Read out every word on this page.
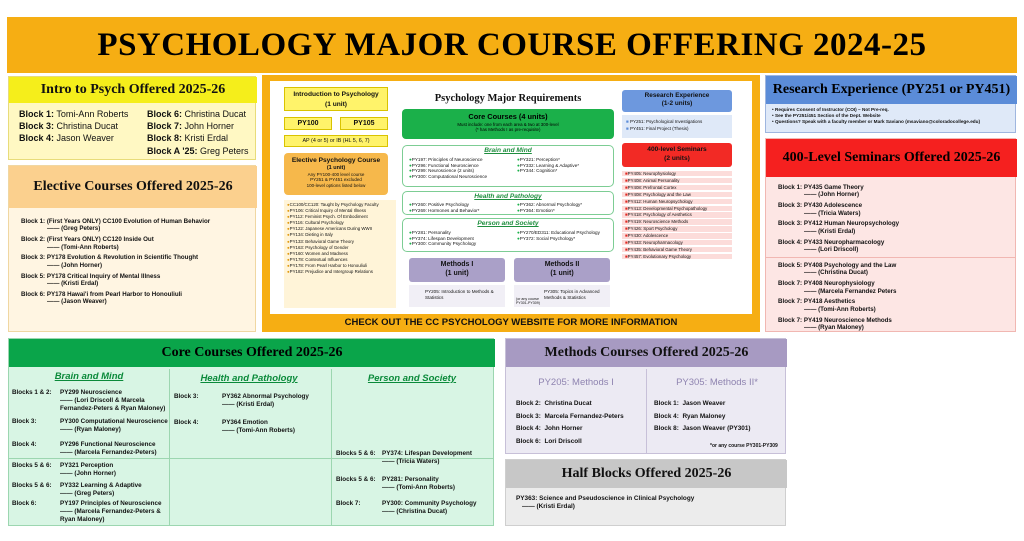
PSYCHOLOGY MAJOR COURSE OFFERING 2024-25
Intro to Psych Offered 2025-26
Block 1: Tomi-Ann Roberts
Block 3: Christina Ducat
Block 4: Jason Weaver
Block 6: Christina Ducat
Block 7: John Horner
Block 8: Kristi Erdal
Block A '25: Greg Peters
Elective Courses Offered 2025-26
Block 1: (First Years ONLY) CC100 Evolution of Human Behavior
—— (Greg Peters)
Block 2: (First Years ONLY) CC120 Inside Out
—— (Tomi-Ann Roberts)
Block 3: PY178 Evolution & Revolution in Scientific Thought
—— (John Horner)
Block 5: PY178 Critical Inquiry of Mental Illness
—— (Kristi Erdal)
Block 6: PY178 Hawai'i from Pearl Harbor to Honouliuli
—— (Jason Weaver)
Introduction to Psychology
(1 unit)
PY100	PY105
AP (4 or 5) or IB (HL 5, 6, 7)
Elective Psychology Course
(1 unit)
Any PY100-400 level course
PY251 & PY451 excluded
100-level options listed below
● CC100/CC120: Taught by Psychology Faculty
● PY106: Critical Inquiry of Mental Illness
● PY112: Feminist Psych. Of Embodiment
● PY116: Cultural Psychology
● PY122: Japanese Americans During WWII
● PY134: Dieting in Italy
● PY133: Behavioral Game Theory
● PY163: Psychology of Gender
● PY160: Women and Madness
● PY178: Contextual Influences
● PY178: From Pearl Harbor to Honouliuli
● PY182: Prejudice and Intergroup Relations
Psychology Major Requirements
Core Courses (4 units)
Must include: one from each area & two at 300-level
(* has Methods I as pre-requisite)
Brain and Mind
● PY197: Principles of Neuroscience
● PY296: Functional Neuroscience
● PY299: Neuroscience (2 units)
● PY300: Computational Neuroscience
● PY321: Perception*
● PY332: Learning & Adaptive*
● PY344: Cognition*
Health and Pathology
● PY260: Positive Psychology
● PY269: Hormones and Behavior*
● PY362: Abnormal Psychology*
● PY364: Emotion*
Person and Society
● PY281: Personality
● PY374: Lifespan Development
● PY300: Community Psychology
● PY270/ED311: Educational Psychology
● PY372: Social Psychology*
Methods I
(1 unit)
PY205: Introduction to Methods & Statistics
Methods II
(1 unit)
PY305: Topics in Advanced Methods & Statistics
(or any course PY301-PY309)
Research Experience
(1-2 units)
■ PY251: Psychological Investigations
■ PY451: Final Project (Thesis)
400-level Seminars
(2 units)
■ PY405: Neurophysiology
■ PY408: Animal Personality
■ PY408: Prefrontal Cortex
■ PY408: Psychology and the Law
■ PY412: Human Neuropsychology
■ PY413: Developmental Psychopathology
■ PY418: Psychology of Aesthetics
■ PY419: Neuroscience Methods
■ PY426: Sport Psychology
■ PY430: Adolescence
■ PY433: Neuropharmacology
■ PY435: Behavioral Game Theory
■ PY457: Evolutionary Psychology
CHECK OUT THE CC PSYCHOLOGY WEBSITE FOR MORE INFORMATION
Research Experience (PY251 or PY451)
• Requires Consent of Instructor (COI) – Not Pre-req.
• See the PY251/451 Section of the Dept. Website
• Questions? Speak with a faculty member or Mark Saviano (msaviano@coloradocollege.edu)
400-Level Seminars Offered 2025-26
Block 1: PY435 Game Theory
—— (John Horner)
Block 3: PY430 Adolescence
—— (Tricia Waters)
Block 3: PY412 Human Neuropsychology
—— (Kristi Erdal)
Block 4: PY433 Neuropharmacology
—— (Lori Driscoll)
Block 5: PY408 Psychology and the Law
—— (Christina Ducat)
Block 7: PY408 Neurophysiology
—— (Marcela Fernandez Peters
Block 7: PY418 Aesthetics
—— (Tomi-Ann Roberts)
Block 7: PY419 Neuroscience Methods
—— (Ryan Maloney)
Core Courses Offered 2025-26
Brain and Mind	Health and Pathology	Person and Society
Blocks 1 & 2: PY299 Neuroscience
—— (Lori Driscoll & Marcela Fernandez-Peters & Ryan Maloney)
Block 3:	PY300 Computational Neuroscience
—— (Ryan Maloney)
Block 4:	PY296 Functional Neuroscience
—— (Marcela Fernandez-Peters)
Blocks 5 & 6: PY321 Perception
—— (John Horner)
Blocks 5 & 6: PY332 Learning & Adaptive
—— (Greg Peters)
Block 6:	PY197 Principles of Neuroscience
—— (Marcela Fernandez-Peters & Ryan Maloney)
Block 3:	PY362 Abnormal Psychology
—— (Kristi Erdal)
Block 4:	PY364 Emotion
—— (Tomi-Ann Roberts)
Blocks 5 & 6: PY374: Lifespan Development
—— (Tricia Waters)
Blocks 5 & 6: PY281: Personality
—— (Tomi-Ann Roberts)
Block 7:	PY300: Community Psychology
—— (Christina Ducat)
Methods Courses Offered 2025-26
PY205: Methods I	PY305: Methods II*
Block 2: Christina Ducat
Block 3: Marcela Fernandez-Peters
Block 4: John Horner
Block 6: Lori Driscoll
Block 1: Jason Weaver
Block 4: Ryan Maloney
Block 8: Jason Weaver (PY301)
*or any course PY301-PY309
Half Blocks Offered 2025-26
PY363: Science and Pseudoscience in Clinical Psychology
—— (Kristi Erdal)
